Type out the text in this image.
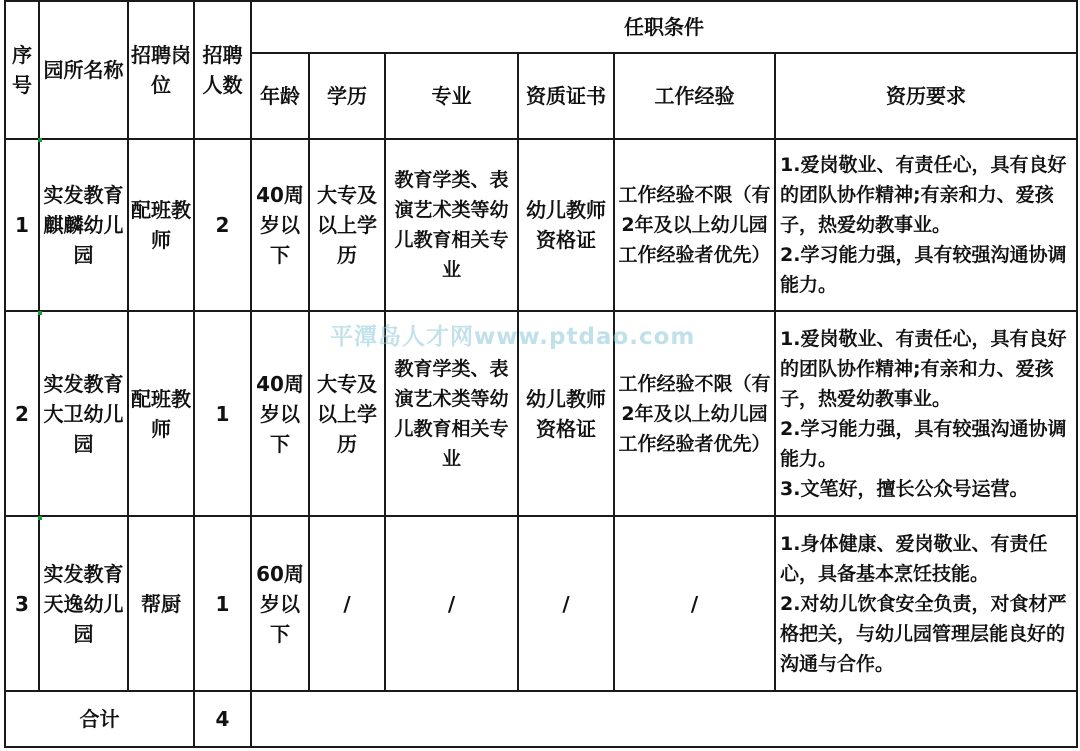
序号	园所名称	招聘岗位	招聘人数	任职条件					
				年龄	学历	专业	资质证书	工作经验	资历要求
1	实发教育麒麟幼儿园	配班教师	2	40周岁以下	大专及以上学历	教育学类、表演艺术类等幼儿教育相关专业	幼儿教师资格证	工作经验不限（有2年及以上幼儿园工作经验者优先）	1.爱岗敬业、有责任心，具有良好的团队协作精神;有亲和力、爱孩子，热爱幼教事业。
2.学习能力强，具有较强沟通协调能力。

2	实发教育大卫幼儿园	配班教师	1	40周岁以下	大专及以上学历	教育学类、表演艺术类等幼儿教育相关专业	幼儿教师资格证	工作经验不限（有2年及以上幼儿园工作经验者优先）	1.爱岗敬业、有责任心，具有良好的团队协作精神;有亲和力、爱孩子，热爱幼教事业。
2.学习能力强，具有较强沟通协调能力。
3.文笔好，擅长公众号运营。

3	实发教育天逸幼儿园	帮厨	1	60周岁以下	/	/	/	/	1.身体健康、爱岗敬业、有责任心，具备基本烹饪技能。
2.对幼儿饮食安全负责，对食材严格把关，与幼儿园管理层能良好的沟通与合作。

合计			4						
平潭岛人才网www.ptdao.com
